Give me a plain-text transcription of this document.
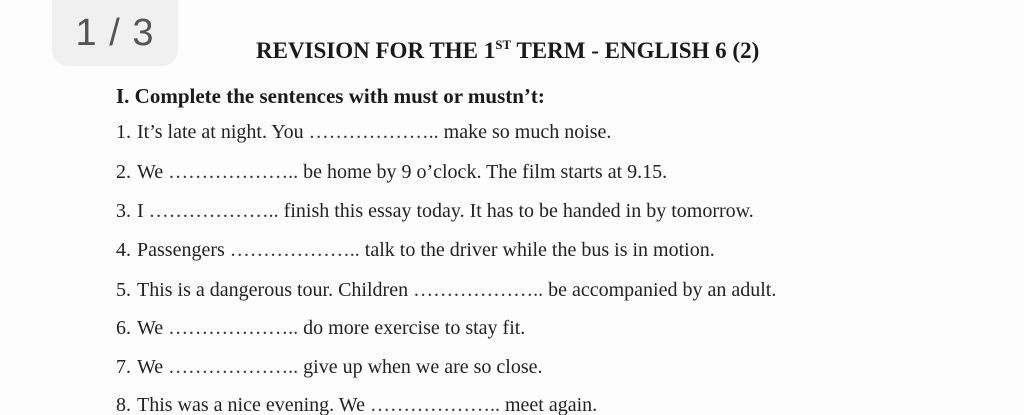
1 / 3	REVISION FOR THE 1ST TERM - ENGLISH 6 (2)
I. Complete the sentences with must or mustn’t:
1. It’s late at night. You ……………….. make so much noise.
2. We ……………….. be home by 9 o’clock. The film starts at 9.15.
3. I ……………….. finish this essay today. It has to be handed in by tomorrow.
4. Passengers ……………….. talk to the driver while the bus is in motion.
5. This is a dangerous tour. Children ……………….. be accompanied by an adult.
6. We ……………….. do more exercise to stay fit.
7. We ……………….. give up when we are so close.
8. This was a nice evening. We ……………….. meet again.
